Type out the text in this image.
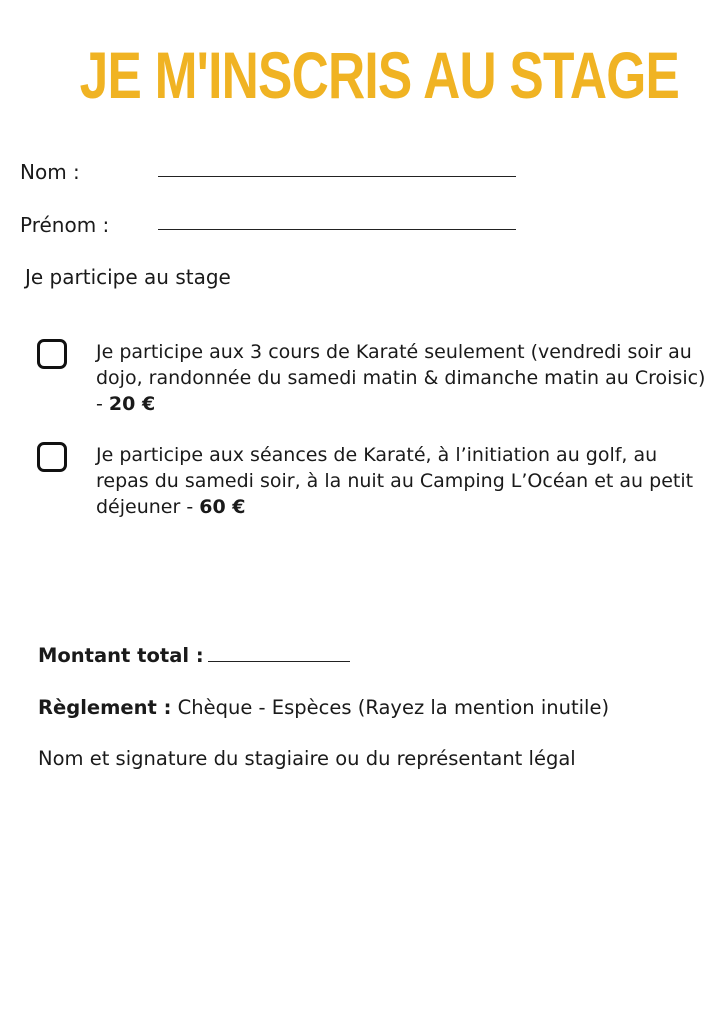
JE M'INSCRIS AU STAGE
Nom :
Prénom :
Je participe au stage
Je participe aux 3 cours de Karaté seulement (vendredi soir au dojo, randonnée du samedi matin & dimanche matin au Croisic) - 20 €
Je participe aux séances de Karaté, à l’initiation au golf, au repas du samedi soir, à la nuit au Camping L’Océan et au petit déjeuner - 60 €
Montant total :
Règlement : Chèque - Espèces (Rayez la mention inutile)
Nom et signature du stagiaire ou du représentant légal
